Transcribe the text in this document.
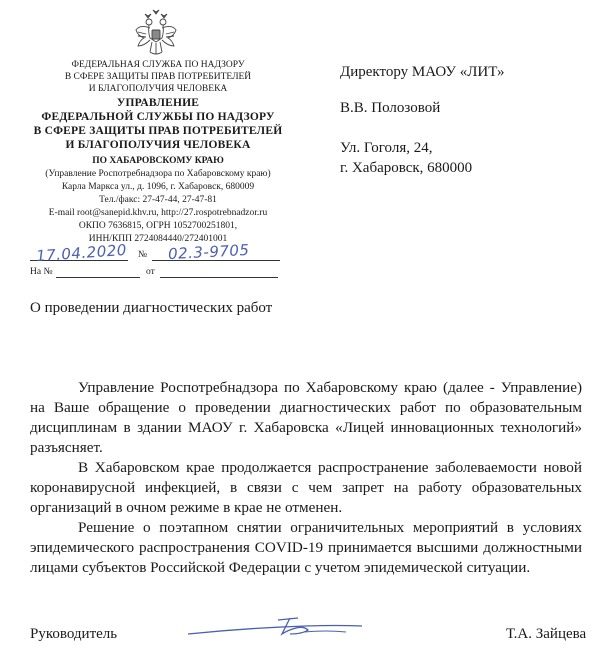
ФЕДЕРАЛЬНАЯ СЛУЖБА ПО НАДЗОРУ
В СФЕРЕ ЗАЩИТЫ ПРАВ ПОТРЕБИТЕЛЕЙ
И БЛАГОПОЛУЧИЯ ЧЕЛОВЕКА
УПРАВЛЕНИЕ
ФЕДЕРАЛЬНОЙ СЛУЖБЫ ПО НАДЗОРУ
В СФЕРЕ ЗАЩИТЫ ПРАВ ПОТРЕБИТЕЛЕЙ
И БЛАГОПОЛУЧИЯ ЧЕЛОВЕКА
ПО ХАБАРОВСКОМУ КРАЮ
(Управление Роспотребнадзора по Хабаровскому краю)
Карла Маркса ул., д. 1096, г. Хабаровск, 680009
Тел./факс: 27-47-44, 27-47-81
E-mail root@sanepid.khv.ru, http://27.rospotrebnadzor.ru
ОКПО 7636815, ОГРН 1052700251801,
ИНН/КПП 2724084440/272401001
17.04.2020 № 02.3-9705
На №	от
Директору МАОУ «ЛИТ»
В.В. Полозовой
Ул. Гоголя, 24,
г. Хабаровск, 680000
О проведении диагностических работ

Управление Роспотребнадзора по Хабаровскому краю (далее - Управление) на Ваше обращение о проведении диагностических работ по образовательным дисциплинам в здании МАОУ г. Хабаровска «Лицей инновационных технологий» разъясняет.

В Хабаровском крае продолжается распространение заболеваемости новой коронавирусной инфекцией, в связи с чем запрет на работу образовательных организаций в очном режиме в крае не отменен.

Решение о поэтапном снятии ограничительных мероприятий в условиях эпидемического распространения COVID-19 принимается высшими должностными лицами субъектов Российской Федерации с учетом эпидемической ситуации.

Руководитель	Т.А. Зайцева
